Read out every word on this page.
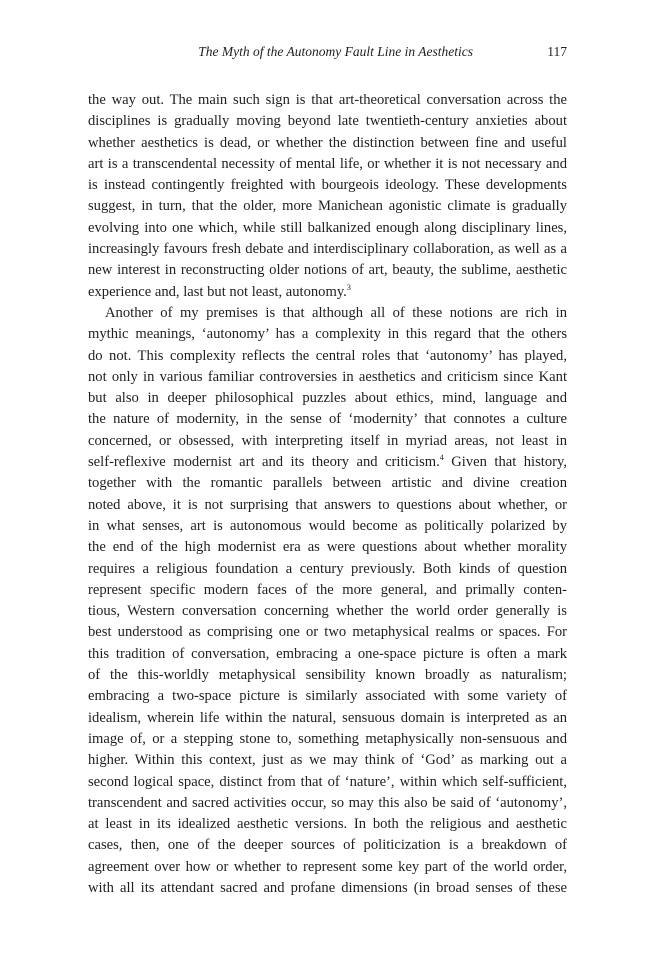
The Myth of the Autonomy Fault Line in Aesthetics	117
the way out. The main such sign is that art-theoretical conversation across the
disciplines is gradually moving beyond late twentieth-century anxieties about
whether aesthetics is dead, or whether the distinction between fine and useful
art is a transcendental necessity of mental life, or whether it is not necessary and
is instead contingently freighted with bourgeois ideology. These developments
suggest, in turn, that the older, more Manichean agonistic climate is gradually
evolving into one which, while still balkanized enough along disciplinary lines,
increasingly favours fresh debate and interdisciplinary collaboration, as well as a
new interest in reconstructing older notions of art, beauty, the sublime, aesthetic
experience and, last but not least, autonomy.$^3$
Another of my premises is that although all of these notions are rich in
mythic meanings, ‘autonomy’ has a complexity in this regard that the others
do not. This complexity reflects the central roles that ‘autonomy’ has played,
not only in various familiar controversies in aesthetics and criticism since Kant
but also in deeper philosophical puzzles about ethics, mind, language and
the nature of modernity, in the sense of ‘modernity’ that connotes a culture
concerned, or obsessed, with interpreting itself in myriad areas, not least in
self-reflexive modernist art and its theory and criticism.$^4$ Given that history,
together with the romantic parallels between artistic and divine creation
noted above, it is not surprising that answers to questions about whether, or
in what senses, art is autonomous would become as politically polarized by
the end of the high modernist era as were questions about whether morality
requires a religious foundation a century previously. Both kinds of question
represent specific modern faces of the more general, and primally conten-
tious, Western conversation concerning whether the world order generally is
best understood as comprising one or two metaphysical realms or spaces. For
this tradition of conversation, embracing a one-space picture is often a mark
of the this-worldly metaphysical sensibility known broadly as naturalism;
embracing a two-space picture is similarly associated with some variety of
idealism, wherein life within the natural, sensuous domain is interpreted as an
image of, or a stepping stone to, something metaphysically non-sensuous and
higher. Within this context, just as we may think of ‘God’ as marking out a
second logical space, distinct from that of ‘nature’, within which self-sufficient,
transcendent and sacred activities occur, so may this also be said of ‘autonomy’,
at least in its idealized aesthetic versions. In both the religious and aesthetic
cases, then, one of the deeper sources of politicization is a breakdown of
agreement over how or whether to represent some key part of the world order,
with all its attendant sacred and profane dimensions (in broad senses of these
